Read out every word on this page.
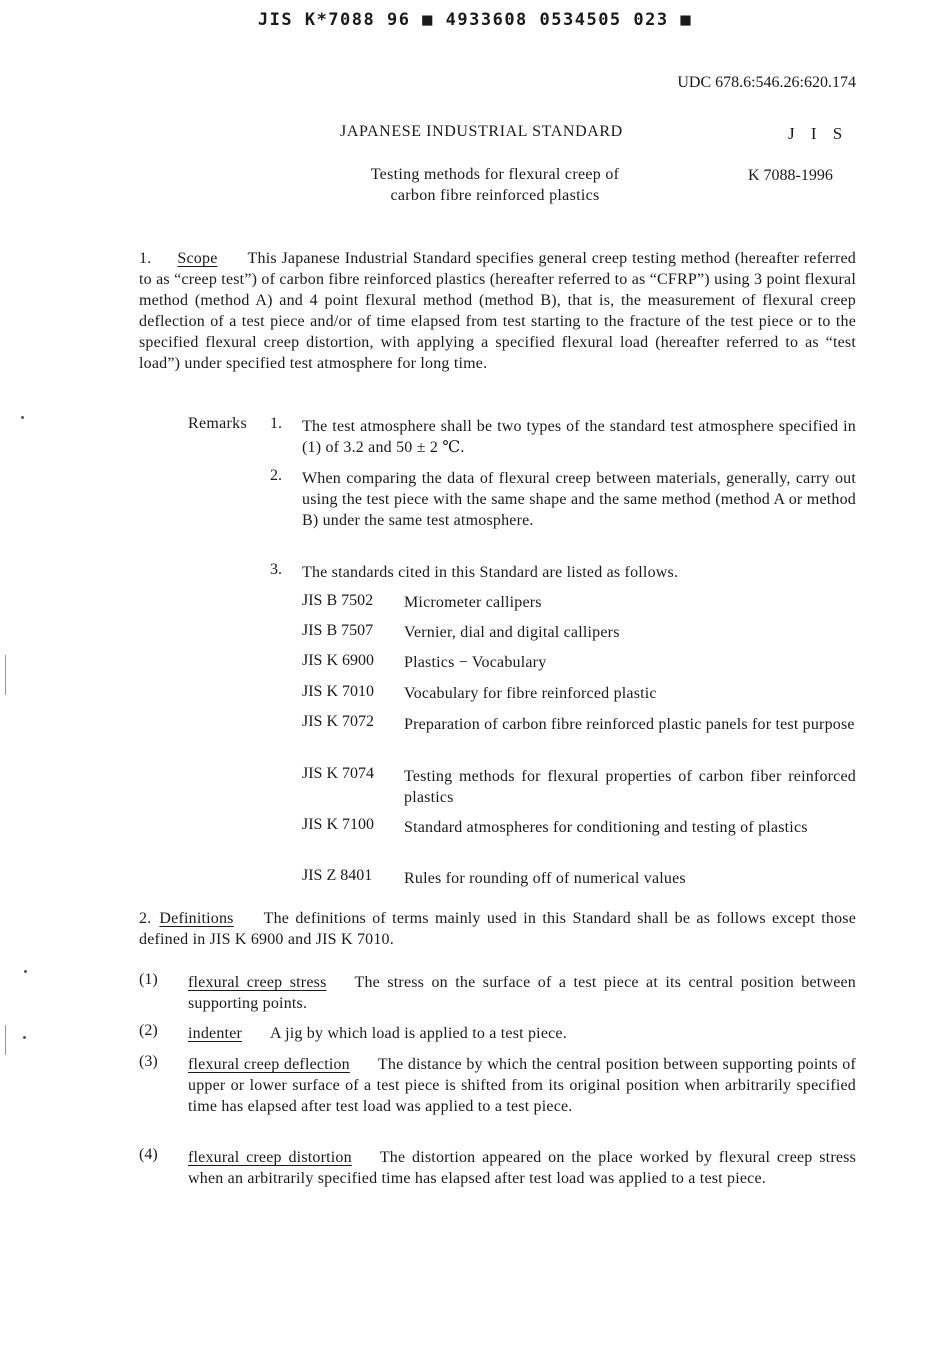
JIS K*7088 96 ■ 4933608 0534505 023 ■
UDC 678.6:546.26:620.174
JAPANESE INDUSTRIAL STANDARD	J I S
Testing methods for flexural creep of
carbon fibre reinforced plastics
K 7088-1996
1. Scope This Japanese Industrial Standard specifies general creep testing method (hereafter referred to as “creep test”) of carbon fibre reinforced plastics (hereafter referred to as “CFRP”) using 3 point flexural method (method A) and 4 point flexural method (method B), that is, the measurement of flexural creep deflection of a test piece and/or of time elapsed from test starting to the fracture of the test piece or to the specified flexural creep distortion, with applying a specified flexural load (hereafter referred to as “test load”) under specified test atmosphere for long time.
Remarks 1. The test atmosphere shall be two types of the standard test atmosphere specified in (1) of 3.2 and 50 ± 2 ℃.
2. When comparing the data of flexural creep between materials, generally, carry out using the test piece with the same shape and the same method (method A or method B) under the same test atmosphere.
3. The standards cited in this Standard are listed as follows.
JIS B 7502 Micrometer callipers
JIS B 7507 Vernier, dial and digital callipers
JIS K 6900 Plastics − Vocabulary
JIS K 7010 Vocabulary for fibre reinforced plastic
JIS K 7072 Preparation of carbon fibre reinforced plastic panels for test purpose
JIS K 7074 Testing methods for flexural properties of carbon fiber reinforced plastics
JIS K 7100 Standard atmospheres for conditioning and testing of plastics
JIS Z 8401 Rules for rounding off of numerical values
2. Definitions The definitions of terms mainly used in this Standard shall be as follows except those defined in JIS K 6900 and JIS K 7010.
(1) flexural creep stress The stress on the surface of a test piece at its central position between supporting points.
(2) indenter A jig by which load is applied to a test piece.
(3) flexural creep deflection The distance by which the central position between supporting points of upper or lower surface of a test piece is shifted from its original position when arbitrarily specified time has elapsed after test load was applied to a test piece.
(4) flexural creep distortion The distortion appeared on the place worked by flexural creep stress when an arbitrarily specified time has elapsed after test load was applied to a test piece.
